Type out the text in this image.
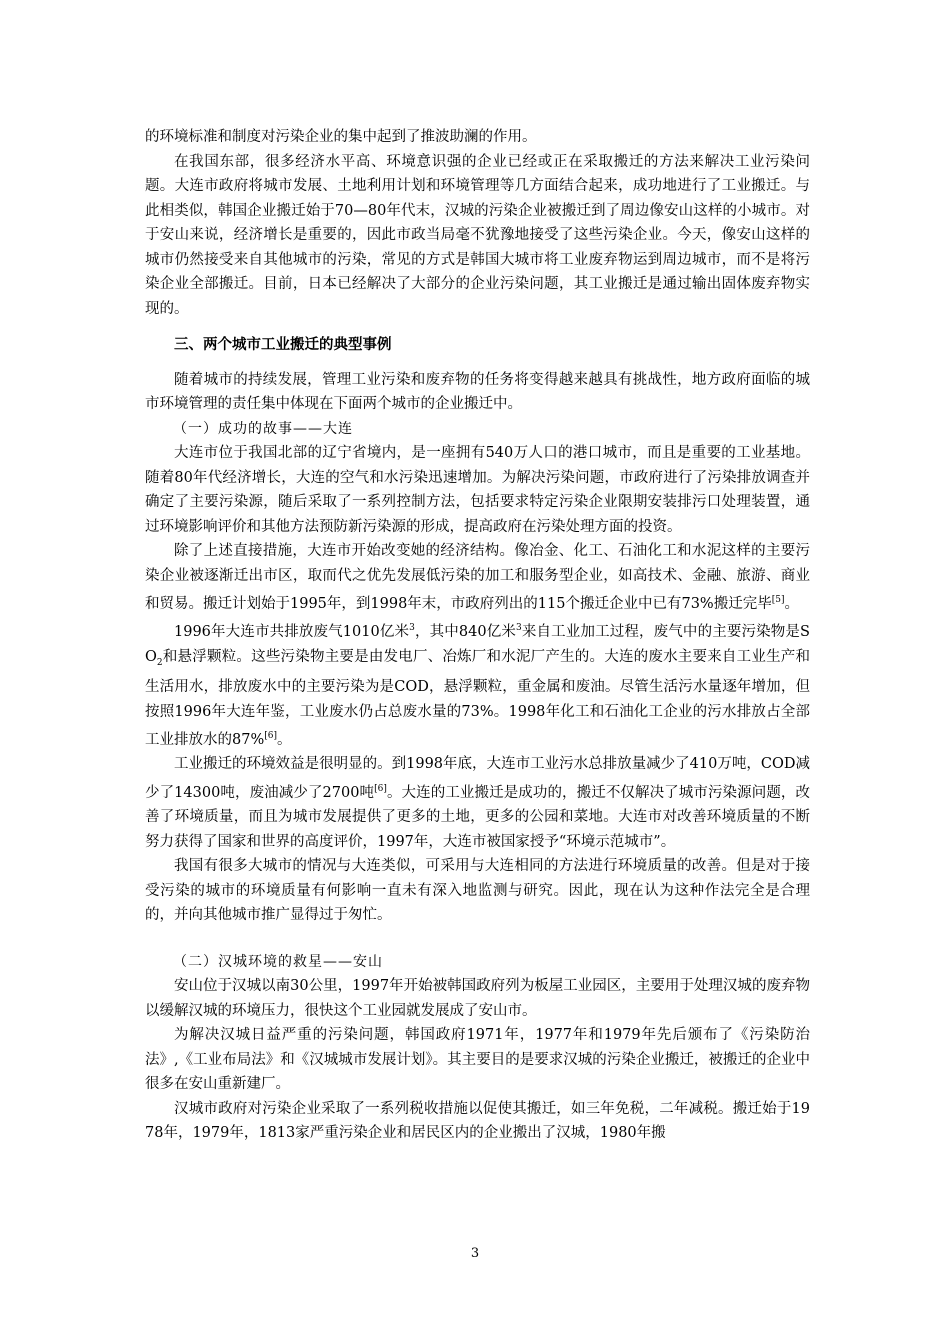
的环境标准和制度对污染企业的集中起到了推波助澜的作用。

在我国东部，很多经济水平高、环境意识强的企业已经或正在采取搬迁的方法来解决工业污染问题。大连市政府将城市发展、土地利用计划和环境管理等几方面结合起来，成功地进行了工业搬迁。与此相类似，韩国企业搬迁始于70—80年代末，汉城的污染企业被搬迁到了周边像安山这样的小城市。对于安山来说，经济增长是重要的，因此市政当局毫不犹豫地接受了这些污染企业。今天，像安山这样的城市仍然接受来自其他城市的污染，常见的方式是韩国大城市将工业废弃物运到周边城市，而不是将污染企业全部搬迁。目前，日本已经解决了大部分的企业污染问题，其工业搬迁是通过输出固体废弃物实现的。

三、两个城市工业搬迁的典型事例

随着城市的持续发展，管理工业污染和废弃物的任务将变得越来越具有挑战性，地方政府面临的城市环境管理的责任集中体现在下面两个城市的企业搬迁中。

（一）成功的故事——大连

大连市位于我国北部的辽宁省境内，是一座拥有540万人口的港口城市，而且是重要的工业基地。随着80年代经济增长，大连的空气和水污染迅速增加。为解决污染问题，市政府进行了污染排放调查并确定了主要污染源，随后采取了一系列控制方法，包括要求特定污染企业限期安装排污口处理装置，通过环境影响评价和其他方法预防新污染源的形成，提高政府在污染处理方面的投资。

除了上述直接措施，大连市开始改变她的经济结构。像冶金、化工、石油化工和水泥这样的主要污染企业被逐渐迁出市区，取而代之优先发展低污染的加工和服务型企业，如高技术、金融、旅游、商业和贸易。搬迁计划始于1995年，到1998年末，市政府列出的115个搬迁企业中已有73%搬迁完毕[5]。

1996年大连市共排放废气1010亿米$^3$，其中840亿米$^3$来自工业加工过程，废气中的主要污染物是$SO_2$和悬浮颗粒。这些污染物主要是由发电厂、冶炼厂和水泥厂产生的。大连的废水主要来自工业生产和生活用水，排放废水中的主要污染为是COD，悬浮颗粒，重金属和废油。尽管生活污水量逐年增加，但按照1996年大连年鉴，工业废水仍占总废水量的73%。1998年化工和石油化工企业的污水排放占全部工业排放水的87%[6]。

工业搬迁的环境效益是很明显的。到1998年底，大连市工业污水总排放量减少了410万吨，COD减少了14300吨，废油减少了2700吨[6]。大连的工业搬迁是成功的，搬迁不仅解决了城市污染源问题，改善了环境质量，而且为城市发展提供了更多的土地，更多的公园和菜地。大连市对改善环境质量的不断努力获得了国家和世界的高度评价，1997年，大连市被国家授予“环境示范城市”。

我国有很多大城市的情况与大连类似，可采用与大连相同的方法进行环境质量的改善。但是对于接受污染的城市的环境质量有何影响一直未有深入地监测与研究。因此，现在认为这种作法完全是合理的，并向其他城市推广显得过于匆忙。

（二）汉城环境的救星——安山

安山位于汉城以南30公里，1997年开始被韩国政府列为板屋工业园区，主要用于处理汉城的废弃物以缓解汉城的环境压力，很快这个工业园就发展成了安山市。

为解决汉城日益严重的污染问题，韩国政府1971年，1977年和1979年先后颁布了《污染防治法》,《工业布局法》和《汉城城市发展计划》。其主要目的是要求汉城的污染企业搬迁，被搬迁的企业中很多在安山重新建厂。

汉城市政府对污染企业采取了一系列税收措施以促使其搬迁，如三年免税，二年减税。搬迁始于1978年，1979年，1813家严重污染企业和居民区内的企业搬出了汉城，1980年搬

3
